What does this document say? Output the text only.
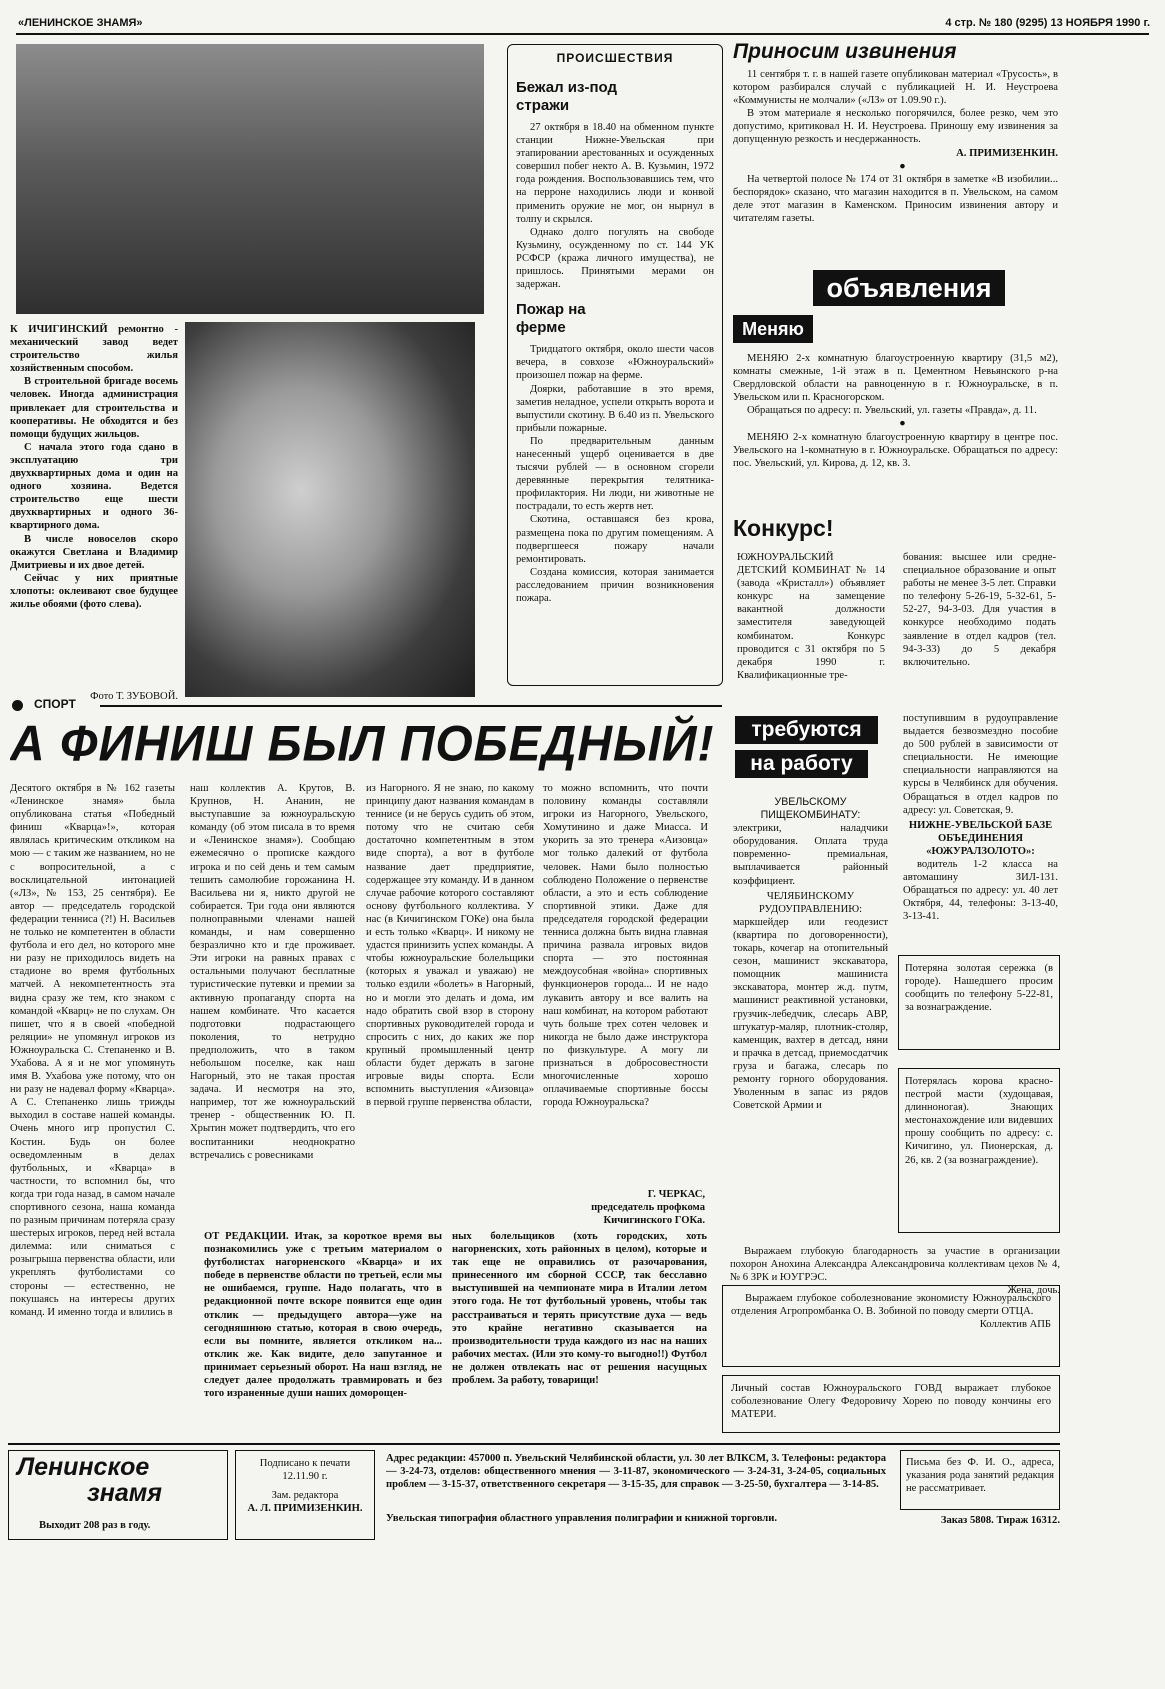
«ЛЕНИНСКОЕ ЗНАМЯ»	4 стр. № 180 (9295) 13 НОЯБРЯ 1990 г.

К ИЧИГИНСКИЙ ремонтно - механический завод ведет строительство жилья хозяйственным способом.

В строительной бригаде восемь человек. Иногда администрация привлекает для строительства и кооперативы. Не обходятся и без помощи будущих жильцов.

С начала этого года сдано в эксплуатацию три двухквартирных дома и один на одного хозяина. Ведется строительство еще шести двухквартирных и одного 36-квартирного дома.

В числе новоселов скоро окажутся Светлана и Владимир Дмитриевы и их двое детей.

Сейчас у них приятные хлопоты: оклеивают свое будущее жилье обоями (фото слева).

Фото Т. ЗУБОВОЙ.
ПРОИСШЕСТВИЯ
Бежал из-под стражи

27 октября в 18.40 на обменном пункте станции Нижне-Увельская при этапировании арестованных и осужденных совершил побег некто А. В. Кузьмин, 1972 года рождения. Воспользовавшись тем, что на перроне находились люди и конвой применить оружие не мог, он нырнул в толпу и скрылся.

Однако долго погулять на свободе Кузьмину, осужденному по ст. 144 УК РСФСР (кража личного имущества), не пришлось. Принятыми мерами он задержан.

Пожар на ферме

Тридцатого октября, около шести часов вечера, в совхозе «Южноуральский» произошел пожар на ферме.

Доярки, работавшие в это время, заметив неладное, успели открыть ворота и выпустили скотину. В 6.40 из п. Увельского прибыли пожарные.

По предварительным данным нанесенный ущерб оценивается в две тысячи рублей — в основном сгорели деревянные перекрытия телятника-профилактория. Ни люди, ни животные не пострадали, то есть жертв нет.

Скотина, оставшаяся без крова, размещена пока по другим помещениям. А подвергшееся пожару начали ремонтировать.

Создана комиссия, которая занимается расследованием причин возникновения пожара.

Приносим извинения

11 сентября т. г. в нашей газете опубликован материал «Трусость», в котором разбирался случай с публикацией Н. И. Неустроева «Коммунисты не молчали» («ЛЗ» от 1.09.90 г.).

В этом материале я несколько погорячился, более резко, чем это допустимо, критиковал Н. И. Неустроева. Приношу ему извинения за допущенную резкость и несдержанность.

А. ПРИМИЗЕНКИН.

●

На четвертой полосе № 174 от 31 октября в заметке «В изобилии... беспорядок» сказано, что магазин находится в п. Увельском, на самом деле этот магазин в Каменском. Приносим извинения автору и читателям газеты.

объявления
Меняю

МЕНЯЮ 2-х комнатную благоустроенную квартиру (31,5 м2), комнаты смежные, 1-й этаж в п. Цементном Невьянского р-на Свердловской области на равноценную в г. Южноуральске, в п. Увельском или п. Красногорском.

Обращаться по адресу: п. Увельский, ул. газеты «Правда», д. 11.

●

МЕНЯЮ 2-х комнатную благоустроенную квартиру в центре пос. Увельского на 1-комнатную в г. Южноуральске. Обращаться по адресу: пос. Увельский, ул. Кирова, д. 12, кв. 3.

Конкурс!
ЮЖНОУРАЛЬСКИЙ ДЕТСКИЙ КОМБИНАТ № 14 (завода «Кристалл») объявляет конкурс на замещение вакантной должности заместителя заведующей комбинатом. Конкурс проводится с 31 октября по 5 декабря 1990 г. Квалификационные тре-
бования: высшее или средне-специальное образование и опыт работы не менее 3-5 лет. Справки по телефону 5-26-19, 5-32-61, 5-52-27, 94-3-03. Для участия в конкурсе необходимо подать заявление в отдел кадров (тел. 94-3-33) до 5 декабря включительно.
СПОРТ
А ФИНИШ БЫЛ ПОБЕДНЫЙ!
Десятого октября в № 162 газеты «Ленинское знамя» была опубликована статья «Победный финиш «Кварца»!», которая являлась критическим откликом на мою — с таким же названием, но не с вопросительной, а с восклицательной интонацией («ЛЗ», № 153, 25 сентября). Ее автор — председатель городской федерации тенниса (?!) Н. Васильев не только не компетентен в области футбола и его дел, но которого мне ни разу не приходилось видеть на стадионе во время футбольных матчей. А некомпетентность эта видна сразу же тем, кто знаком с командой «Кварц» не по слухам. Он пишет, что я в своей «победной реляции» не упомянул игроков из Южноуральска С. Степаненко и В. Ухабова. А я и не мог упомянуть имя В. Ухабова уже потому, что он ни разу не надевал форму «Кварца». А С. Степаненко лишь трижды выходил в составе нашей команды. Очень много игр пропустил С. Костин. Будь он более осведомленным в делах футбольных, и «Кварца» в частности, то вспомнил бы, что когда три года назад, в самом начале спортивного сезона, наша команда по разным причинам потеряла сразу шестерых игроков, перед ней встала дилемма: или сниматься с розыгрыша первенства области, или укреплять футболистами со стороны — естественно, не покушаясь на интересы других команд. И именно тогда и влились в
наш коллектив А. Крутов, В. Крупнов, Н. Ананин, не выступавшие за южноуральскую команду (об этом писала в то время и «Ленинское знамя»). Сообщаю ежемесячно о прописке каждого игрока и по сей день и тем самым тешить самолюбие горожанина Н. Васильева ни я, никто другой не собирается. Три года они являются полноправными членами нашей команды, и нам совершенно безразлично кто и где проживает. Эти игроки на равных правах с остальными получают бесплатные туристические путевки и премии за активную пропаганду спорта на нашем комбинате. Что касается подготовки подрастающего поколения, то нетрудно предположить, что в таком небольшом поселке, как наш Нагорный, это не такая простая задача. И несмотря на это, например, тот же южноуральский тренер - общественник Ю. П. Хрытин может подтвердить, что его воспитанники неоднократно встречались с ровесниками
из Нагорного. Я не знаю, по какому принципу дают названия командам в теннисе (и не берусь судить об этом, потому что не считаю себя достаточно компетентным в этом виде спорта), а вот в футболе название дает предприятие, содержащее эту команду. И в данном случае рабочие которого составляют основу футбольного коллектива. У нас (в Кичигинском ГОКе) она была и есть только «Кварц». И никому не удастся принизить успех команды. А чтобы южноуральские болельщики (которых я уважал и уважаю) не только ездили «болеть» в Нагорный, но и могли это делать и дома, им надо обратить свой взор в сторону спортивных руководителей города и спросить с них, до каких же пор крупный промышленный центр области будет держать в загоне игровые виды спорта. Если вспомнить выступления «Аизовца» в первой группе первенства области,
то можно вспомнить, что почти половину команды составляли игроки из Нагорного, Увельского, Хомутинино и даже Миасса. И укорить за это тренера «Аизовца» мог только далекий от футбола человек. Нами было полностью соблюдено Положение о первенстве области, а это и есть соблюдение спортивной этики. Даже для председателя городской федерации тенниса должна быть видна главная причина развала игровых видов спорта — это постоянная междоусобная «война» спортивных функционеров города... И не надо лукавить авторy и все валить на наш комбинат, на котором работают чуть больше трех сотен человек и никогда не было даже инструктора по физкультуре. А могу ли признаться в добросовестности многочисленные хорошо оплачиваемые спортивные боссы города Южноуральска?
Г. ЧЕРКАС,
председатель профкома Кичигинского ГОКа.
ОТ РЕДАКЦИИ. Итак, за короткое время вы познакомились уже с третьим материалом о футболистах нагорненского «Кварца» и их победе в первенстве области по третьей, если мы не ошибаемся, группе. Надо полагать, что в редакционной почте вскоре появится еще один отклик — предыдущего автора—уже на сегодняшнюю статью, которая в свою очередь, если вы помните, является откликом на... отклик же. Как видите, дело запутанное и принимает серьезный оборот. На наш взгляд, не следует далее продолжать травмировать и без того израненные души наших доморощен-
ных болельщиков (хоть городских, хоть нагорненских, хоть районных в целом), которые и так еще не оправились от разочарования, принесенного им сборной СССР, так бесславно выступившей на чемпионате мира в Италии летом этого года. Не тот футбольный уровень, чтобы так расстраиваться и терять присутствие духа — ведь это крайне негативно сказывается на производительности труда каждого из нас на наших рабочих местах. (Или это кому-то выгодно!!) Футбол не должен отвлекать нас от решения насущных проблем. За работу, товарищи!
требуются
на работу
УВЕЛЬСКОМУ ПИЩЕКОМБИНАТУ:

электрики, наладчики оборудования. Оплата труда повременно- премиальная, выплачивается районный коэффициент.

ЧЕЛЯБИНСКОМУ РУДОУПРАВЛЕНИЮ:

маркшейдер или геодезист (квартира по договоренности), токарь, кочегар на отопительный сезон, машинист экскаватора, помощник машиниста экскаватора, монтер ж.д. путм, машинист реактивной установки, грузчик-лебедчик, слесарь АВР, штукатур-маляр, плотник-столяр, каменщик, вахтер в детсад, няни и прачка в детсад, приемосдатчик груза и багажа, слесарь по ремонту горного оборудования. Уволенным в запас из рядов Советской Армии и

поступившим в рудоуправление выдается безвозмездно пособие до 500 рублей в зависимости от специальности. Не имеющие специальности направляются на курсы в Челябинск для обучения. Обращаться в отдел кадров по адресу: ул. Советская, 9.

НИЖНЕ-УВЕЛЬСКОЙ БАЗЕ ОБЪЕДИНЕНИЯ «ЮЖУРАЛЗОЛОТО»:

водитель 1-2 класса на автомашину ЗИЛ-131. Обращаться по адресу: ул. 40 лет Октября, 44, телефоны: 3-13-40, 3-13-41.

Потеряна золотая сережка (в городе). Нашедшего просим сообщить по телефону 5-22-81, за вознаграждение.
Потерялась корова красно-пестрой масти (худощавая, длинноногая). Знающих местонахождение или видевших прошу сообщить по адресу: с. Кичигино, ул. Пионерская, д. 26, кв. 2 (за вознаграждение).

Выражаем глубокую благодарность за участие в организации похорон Анохина Александра Александровича коллективам цехов № 4, № 6 ЗРК и ЮУГРЭС.

Жена, дочь.

Выражаем глубокое соболезнование экономисту Южноуральского отделения Агропромбанка О. В. Зобиной по поводу смерти ОТЦА.

Коллектив АПБ

Личный состав Южноуральского ГОВД выражает глубокое соболезнование Олегу Федоровичу Хорею по поводу кончины его МАТЕРИ.
Ленинское
знамя
Выходит 208 раз в году.
Подписано к печати
12.11.90 г.
Зам. редактора
А. Л. ПРИМИЗЕНКИН.
Адрес редакции: 457000 п. Увельский Челябинской области, ул. 30 лет ВЛКСМ, 3. Телефоны: редактора — 3-24-73, отделов: общественного мнения — 3-11-87, экономического — 3-24-31, 3-24-05, социальных проблем — 3-15-37, ответственного секретаря — 3-15-35, для справок — 3-25-50, бухгалтера — 3-14-85.
Увельская типография областного управления полиграфии и книжной торговли.
Письма без Ф. И. О., адреса, указания рода занятий редакция не рассматривает.
Заказ 5808. Тираж 16312.
